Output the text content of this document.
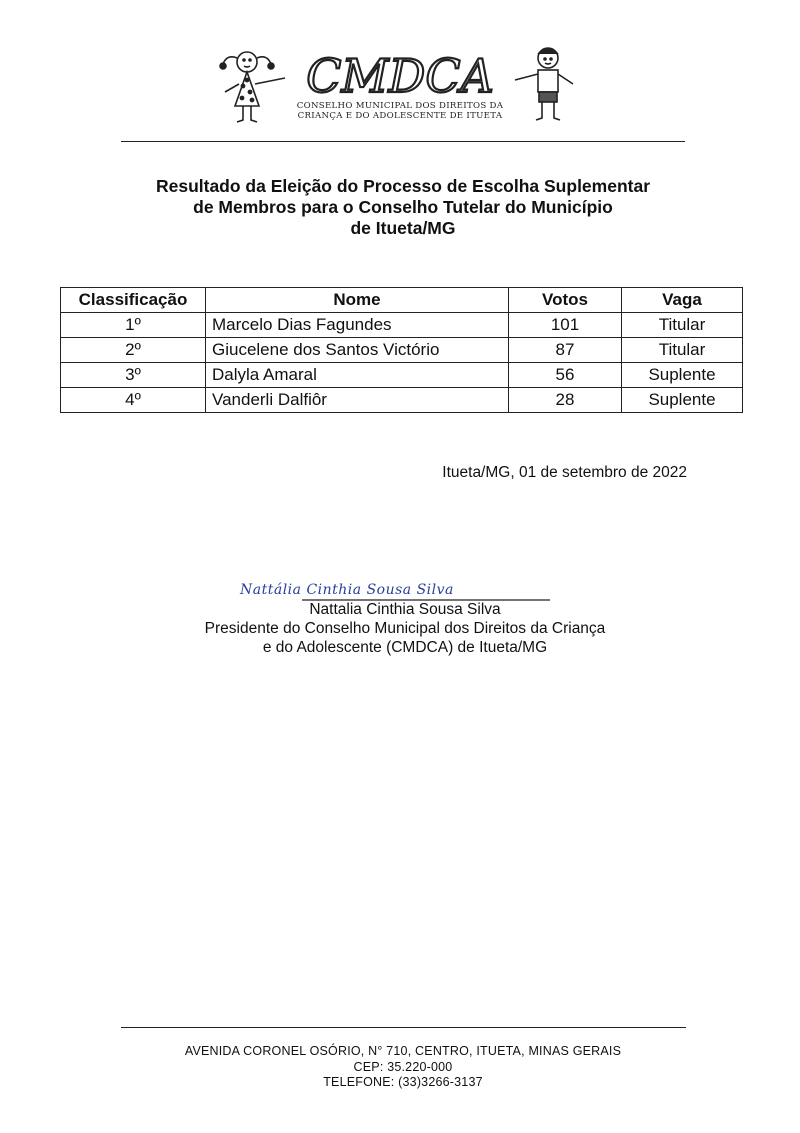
CMDCA
CONSELHO MUNICIPAL DOS DIREITOS DA
CRIANÇA E DO ADOLESCENTE DE ITUETA
Resultado da Eleição do Processo de Escolha Suplementar
de Membros para o Conselho Tutelar do Município
de Itueta/MG
Classificação	Nome	Votos	Vaga
1º	Marcelo Dias Fagundes	101	Titular
2º	Giucelene dos Santos Victório	87	Titular
3º	Dalyla Amaral	56	Suplente
4º	Vanderli Dalfiôr	28	Suplente
Itueta/MG, 01 de setembro de 2022
Nattália Cinthia Sousa Silva
Nattalia Cinthia Sousa Silva
Presidente do Conselho Municipal dos Direitos da Criança
e do Adolescente (CMDCA) de Itueta/MG
AVENIDA CORONEL OSÓRIO, N° 710, CENTRO, ITUETA, MINAS GERAIS
CEP: 35.220-000
TELEFONE: (33)3266-3137
